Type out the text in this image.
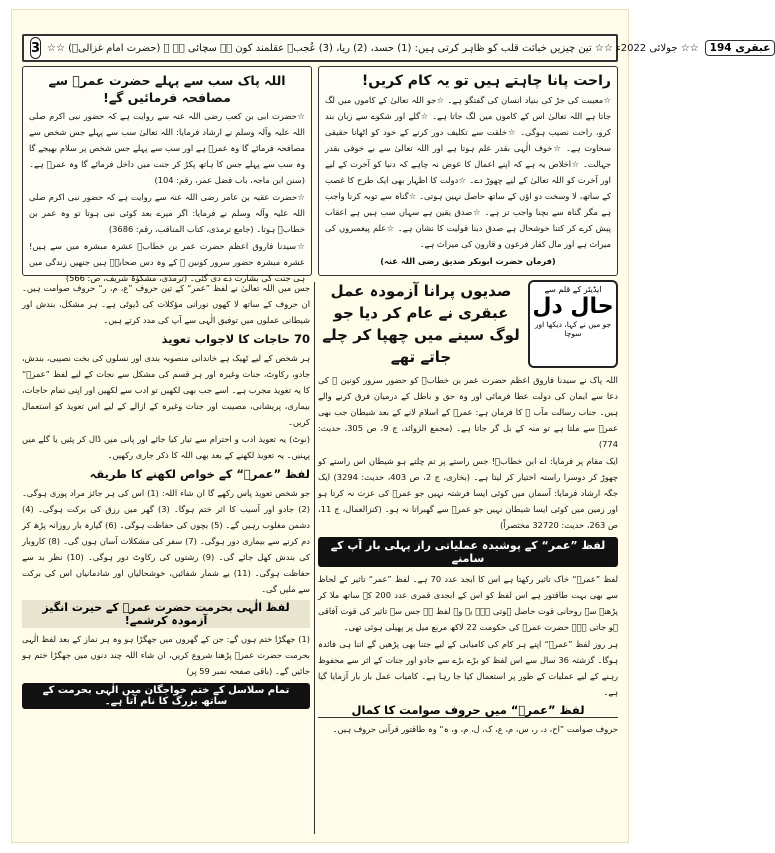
3 ☆☆ جولائی 2022ء ☆☆ تین چیزیں خباثت قلب کو ظاہر کرتی ہیں: (1) حسد، (2) ریا، (3) عُجب۔ عقلمند کون ہے سچائی ہے ۔ (حضرت امام غزالیؒ) ☆☆	عبقری 194
راحت پانا چاہتے ہیں تو یہ کام کریں!

☆معیبت کی جڑ کی بنیاد انسان کی گفتگو ہے۔ ☆جو اللہ تعالیٰ کے کاموں میں لگ جاتا ہے اللہ تعالیٰ اس کے کاموں میں لگ جاتا ہے۔ ☆گلے اور شکوے سے زبان بند کرو، راحت نصیب ہوگی۔ ☆خلقت سے تکلیف دور کرنے کے خود کو اٹھانا حقیقی سخاوت ہے۔ ☆خوف الٰہی بقدر علم ہوتا ہے اور اللہ تعالیٰ سے بے خوفی بقدر جہالت۔ ☆اخلاص یہ ہے کہ اپنے اعمال کا عوض نہ چاہے کہ دنیا کو آخرت کے لیے اور آخرت کو اللہ تعالیٰ کے لیے چھوڑ دے۔ ☆دولت کا اظہار بھی ایک طرح کا غصب کے ساتھ، لا وسخت دو اؤں کے ساتھ حاصل نہیں ہوتی۔ ☆گناہ سے توبہ کرنا واجب ہے مگر گناہ سے بچنا واجب تر ہے۔ ☆صدق یقین ہے سہاں سب ہیں ہے اعقاب پیش کرے کر کتنا خوشحال ہے صدق دینا قولیت کا نشان ہے۔ ☆علم پیغمبروں کی میراث ہے اور مال کفار فرعون و قارون کی میراث ہے۔

(فرمان حضرت ابوبکر صدیق رضی اللہ عنہ)

اللہ پاک سب سے پہلے حضرت عمرؓ سے مصافحہ فرمائیں گے!

☆حضرت ابی بن کعب رضی اللہ عنہ سے روایت ہے کہ حضور نبی اکرم صلی اللہ علیہ وآلہ وسلم نے ارشاد فرمایا: اللہ تعالیٰ سب سے پہلے جس شخص سے مصافحہ فرمائے گا وہ عمرؓ ہے اور سب سے پہلے جس شخص پر سلام بھیجے گا وہ سب سے پہلے جس کا ہاتھ پکڑ کر جنت میں داخل فرمائے گا وہ عمرؓ ہے۔ (سنن ابن ماجہ، باب فضل عمر، رقم: 104)

☆حضرت عقبہ بن عامر رضی اللہ عنہ سے روایت ہے کہ حضور نبی اکرم صلی اللہ علیہ وآلہ وسلم نے فرمایا: اگر میرے بعد کوئی نبی ہوتا تو وہ عمر بن خطابؓ ہوتا۔ (جامع ترمذی، کتاب المناقب، رقم: 3686)

☆سیدنا فاروق اعظم حضرت عمر بن خطابؓ عشرہ مبشرہ میں سے ہیں! عشرہ مبشرہ حضور سرور کونین ﷺ کے وہ دس صحابہؓ ہیں جنھیں زندگی میں ہی جنت کی بشارت دے دی گئی۔ (ترمذی، مشکوٰۃ شریف، ص: 566)

ایڈیٹر کے قلم سے
حال دل
جو میں نے کہا، دیکھا اور سوچا
صدیوں پرانا آزمودہ عمل عبقری نے عام کر دیا جو لوگ سینے میں چھپا کر چلے جاتے تھے

اللہ پاک نے سیدنا فاروق اعظم حضرت عمر بن خطابؓ کو حضور سرور کونین ﷺ کی دعا سے ایمان کی دولت عطا فرمائی اور وہ حق و باطل کے درمیان فرق کرنے والے ہیں۔ جناب رسالت مآب ﷺ کا فرمان ہے: عمرؓ کے اسلام لانے کے بعد شیطان جب بھی عمرؓ سے ملتا ہے تو منہ کے بل گر جاتا ہے۔ (مجمع الزوائد، ج 9، ص 305، حدیث: 774)

ایک مقام پر فرمایا: اے ابن خطابؓ! جس راستے پر تم چلتے ہو شیطان اس راستے کو چھوڑ کر دوسرا راستہ اختیار کر لیتا ہے۔ (بخاری، ج 2، ص 403، حدیث: 3294) ایک جگہ ارشاد فرمایا: آسمان میں کوئی ایسا فرشتہ نہیں جو عمرؓ کی عزت نہ کرتا ہو اور زمین میں کوئی ایسا شیطان نہیں جو عمرؓ سے گھبراتا نہ ہو۔ (کنزالعمال، ج 11، ص 263، حدیث: 32720 مختصراً)

لفظ ”عمر“ کے پوشیدہ عملیاتی راز پہلی بار آپ کے سامنے

لفظ ”عمرؓ“ خاک تاثیر رکھتا ہے اس کا ابجد عدد 70 ہے۔ لفظ ”عمر“ تاثیر کے لحاظ سے بھی بہت طاقتور ہے اس لفظ کو اس کے ابجدی قمری عدد 200 کے ساتھ ملا کر پڑھنے سے روحانی قوت حاصل ہوتی ہے۔ یہ وہ لفظ ہے جس سے تاثیر کی قوت آفاقی ہو جاتی ہے۔ حضرت عمرؓ کی حکومت 22 لاکھ مربع میل پر پھیلی ہوئی تھی۔

ہر روز لفظ ”عمرؓ“ اپنے ہر کام کی کامیابی کے لیے جتنا بھی پڑھیں گے اتنا ہی فائدہ ہوگا۔ گزشتہ 36 سال سے اس لفظ کو بڑے بڑے سے جادو اور جنات کے اثر سے محفوظ رہنے کے لیے عملیات کے طور پر استعمال کیا جا رہا ہے۔ کامیاب عمل بار بار آزمایا گیا ہے۔

لفظ ”عمرؓ“ میں حروف صوامت کا کمال

حروف صوامت ”اح، د، ر، س، م، ع، ک، ل، م، و، ہ“ وہ طاقتور قرآنی حروف ہیں۔

جس میں اللہ تعالیٰ نے لفظ ”عمر“ کے تین حروف ”ع، م، ر“ حروف صوامت ہیں۔ ان حروف کے ساتھ لا کھوں نورانی مؤکلات کی ڈیوٹی ہے۔ ہر مشکل، بندش اور شیطانی عملوں میں توفیق الٰہی سے آپ کی مدد کرتے ہیں۔

70 حاجات کا لاجواب تعویذ

ہر شخص کے لیے ٹھیک ہے خاندانی منصوبہ بندی اور نسلوں کی بخت نصیبی، بندش، جادو، رکاوٹ، جنات وغیرہ اور ہر قسم کی مشکل سے نجات کے لیے لفظ ”عمرؓ“ کا یہ تعویذ مجرب ہے۔ اسے جب بھی لکھیں تو ادب سے لکھیں اور اپنی تمام حاجات، بیماری، پریشانی، مصیبت اور جنات وغیرہ کے ازالے کے لیے اس تعویذ کو استعمال کریں۔

(نوٹ) یہ تعویذ ادب و احترام سے تیار کیا جائے اور پانی میں ڈال کر پئیں یا گلے میں پہنیں۔ یہ تعویذ لکھنے کے بعد بھی اللہ کا ذکر جاری رکھیں۔

لفظ ”عمرؓ“ کے خواص لکھنے کا طریقہ

جو شخص تعویذ پاس رکھے گا ان شاء اللہ: (1) اس کی ہر جائز مراد پوری ہوگی۔ (2) جادو اور آسیب کا اثر ختم ہوگا۔ (3) گھر میں رزق کی برکت ہوگی۔ (4) دشمن مغلوب رہیں گے۔ (5) بچوں کی حفاظت ہوگی۔ (6) گیارہ بار روزانہ پڑھ کر دم کرنے سے بیماری دور ہوگی۔ (7) سفر کی مشکلات آسان ہوں گی۔ (8) کاروبار کی بندش کھل جائے گی۔ (9) رشتوں کی رکاوٹ دور ہوگی۔ (10) نظر بد سے حفاظت ہوگی۔ (11) بے شمار شفائیں، خوشحالیاں اور شادمانیاں اس کی برکت سے ملیں گی۔

لفظ الٰہی بحرمت حضرت عمرؓ کے حیرت انگیز آزمودہ کرشمے!

(1) جھگڑا ختم ہوں گے: جن کے گھروں میں جھگڑا ہو وہ ہر نماز کے بعد لفظ الٰہی بحرمت حضرت عمرؓ پڑھنا شروع کریں، ان شاء اللہ چند دنوں میں جھگڑا ختم ہو جائیں گے۔ (باقی صفحہ نمبر 59 پر)

تمام سلاسل کے ختم خواجگان میں الٰہی بحرمت کے ساتھ بزرگ کا نام آتا ہے۔
